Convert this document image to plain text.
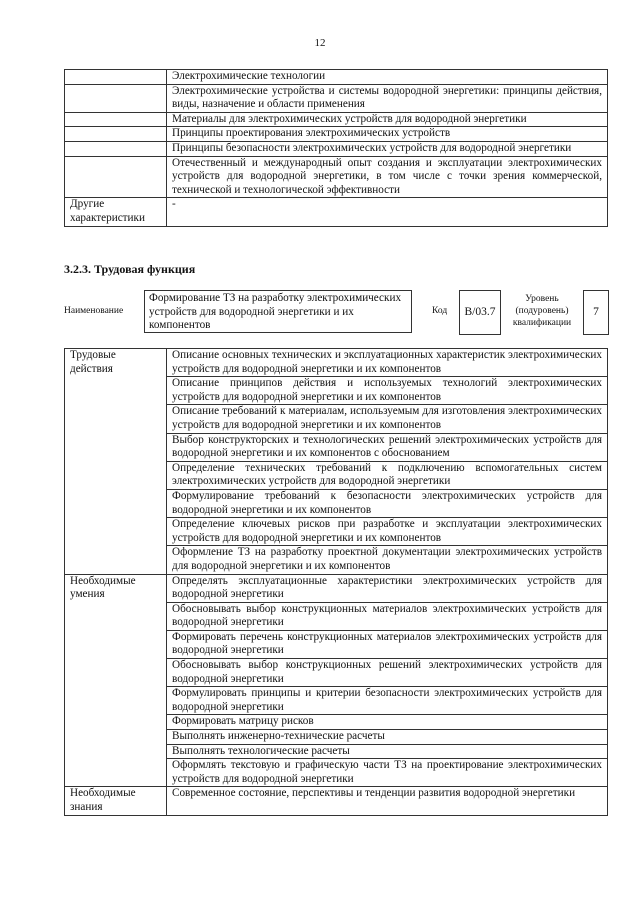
12
	Электрохимические технологии
	Электрохимические устройства и системы водородной энергетики: принципы действия, виды, назначение и области применения
	Материалы для электрохимических устройств для водородной энергетики
	Принципы проектирования электрохимических устройств
	Принципы безопасности электрохимических устройств для водородной энергетики
	Отечественный и международный опыт создания и эксплуатации электрохимических устройств для водородной энергетики, в том числе с точки зрения коммерческой, технической и технологической эффективности
Другие характеристики	-
3.2.3. Трудовая функция
Наименование
Формирование ТЗ на разработку электрохимических устройств для водородной энергетики и их компонентов
Код	B/03.7
Уровень
(подуровень)
квалификации
7
Трудовые действия	Описание основных технических и эксплуатационных характеристик электрохимических устройств для водородной энергетики и их компонентов
	Описание принципов действия и используемых технологий электрохимических устройств для водородной энергетики и их компонентов
	Описание требований к материалам, используемым для изготовления электрохимических устройств для водородной энергетики и их компонентов
	Выбор конструкторских и технологических решений электрохимических устройств для водородной энергетики и их компонентов с обоснованием
	Определение технических требований к подключению вспомогательных систем электрохимических устройств для водородной энергетики
	Формулирование требований к безопасности электрохимических устройств для водородной энергетики и их компонентов
	Определение ключевых рисков при разработке и эксплуатации электрохимических устройств для водородной энергетики и их компонентов
	Оформление ТЗ на разработку проектной документации электрохимических устройств для водородной энергетики и их компонентов
Необходимые умения	Определять эксплуатационные характеристики электрохимических устройств для водородной энергетики
	Обосновывать выбор конструкционных материалов электрохимических устройств для водородной энергетики
	Формировать перечень конструкционных материалов электрохимических устройств для водородной энергетики
	Обосновывать выбор конструкционных решений электрохимических устройств для водородной энергетики
	Формулировать принципы и критерии безопасности электрохимических устройств для водородной энергетики
	Формировать матрицу рисков
	Выполнять инженерно-технические расчеты
	Выполнять технологические расчеты
	Оформлять текстовую и графическую части ТЗ на проектирование электрохимических устройств для водородной энергетики
Необходимые знания	Современное состояние, перспективы и тенденции развития водородной энергетики
